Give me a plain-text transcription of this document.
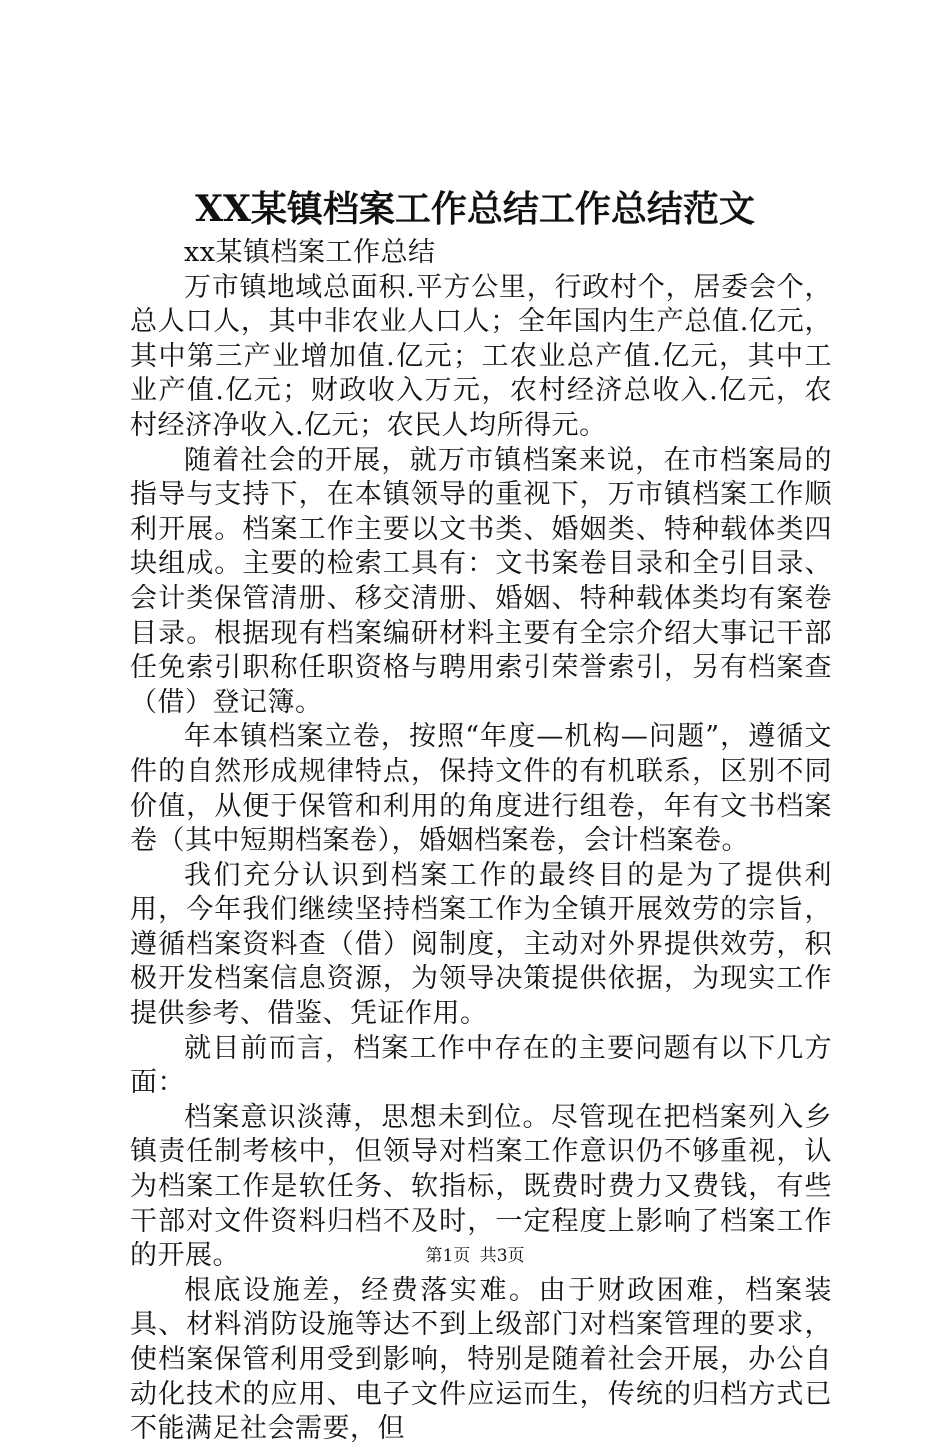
XX某镇档案工作总结工作总结范文

xx某镇档案工作总结

万市镇地域总面积.平方公里，行政村个，居委会个，总人口人，其中非农业人口人；全年国内生产总值.亿元，其中第三产业增加值.亿元；工农业总产值.亿元，其中工业产值.亿元；财政收入万元，农村经济总收入.亿元，农村经济净收入.亿元；农民人均所得元。

随着社会的开展，就万市镇档案来说，在市档案局的指导与支持下，在本镇领导的重视下，万市镇档案工作顺利开展。档案工作主要以文书类、婚姻类、特种载体类四块组成。主要的检索工具有：文书案卷目录和全引目录、会计类保管清册、移交清册、婚姻、特种载体类均有案卷目录。根据现有档案编研材料主要有全宗介绍大事记干部任免索引职称任职资格与聘用索引荣誉索引，另有档案查（借）登记簿。

年本镇档案立卷，按照“年度—机构—问题”，遵循文件的自然形成规律特点，保持文件的有机联系，区别不同价值，从便于保管和利用的角度进行组卷，年有文书档案卷（其中短期档案卷），婚姻档案卷，会计档案卷。

我们充分认识到档案工作的最终目的是为了提供利用，今年我们继续坚持档案工作为全镇开展效劳的宗旨，遵循档案资料查（借）阅制度，主动对外界提供效劳，积极开发档案信息资源，为领导决策提供依据，为现实工作提供参考、借鉴、凭证作用。

就目前而言，档案工作中存在的主要问题有以下几方面：

档案意识淡薄，思想未到位。尽管现在把档案列入乡镇责任制考核中，但领导对档案工作意识仍不够重视，认为档案工作是软任务、软指标，既费时费力又费钱，有些干部对文件资料归档不及时，一定程度上影响了档案工作的开展。

根底设施差，经费落实难。由于财政困难，档案装具、材料消防设施等达不到上级部门对档案管理的要求，使档案保管利用受到影响，特别是随着社会开展，办公自动化技术的应用、电子文件应运而生，传统的归档方式已不能满足社会需要，但

第1页 共3页
